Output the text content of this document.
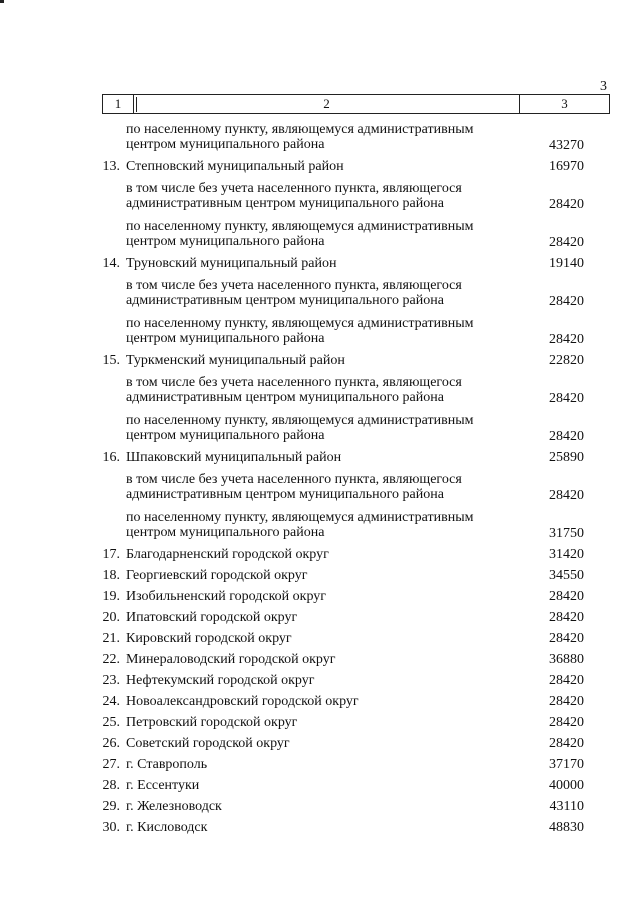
3
1	2	3
по населенному пункту, являющемуся административным центром муниципального района	43270
13. Степновский муниципальный район	16970
в том числе без учета населенного пункта, являющегося административным центром муниципального района	28420
по населенному пункту, являющемуся административным центром муниципального района	28420
14. Труновский муниципальный район	19140
в том числе без учета населенного пункта, являющегося административным центром муниципального района	28420
по населенному пункту, являющемуся административным центром муниципального района	28420
15. Туркменский муниципальный район	22820
в том числе без учета населенного пункта, являющегося административным центром муниципального района	28420
по населенному пункту, являющемуся административным центром муниципального района	28420
16. Шпаковский муниципальный район	25890
в том числе без учета населенного пункта, являющегося административным центром муниципального района	28420
по населенному пункту, являющемуся административным центром муниципального района	31750
17. Благодарненский городской округ	31420
18. Георгиевский городской округ	34550
19. Изобильненский городской округ	28420
20. Ипатовский городской округ	28420
21. Кировский городской округ	28420
22. Минераловодский городской округ	36880
23. Нефтекумский городской округ	28420
24. Новоалександровский городской округ	28420
25. Петровский городской округ	28420
26. Советский городской округ	28420
27. г. Ставрополь	37170
28. г. Ессентуки	40000
29. г. Железноводск	43110
30. г. Кисловодск	48830
